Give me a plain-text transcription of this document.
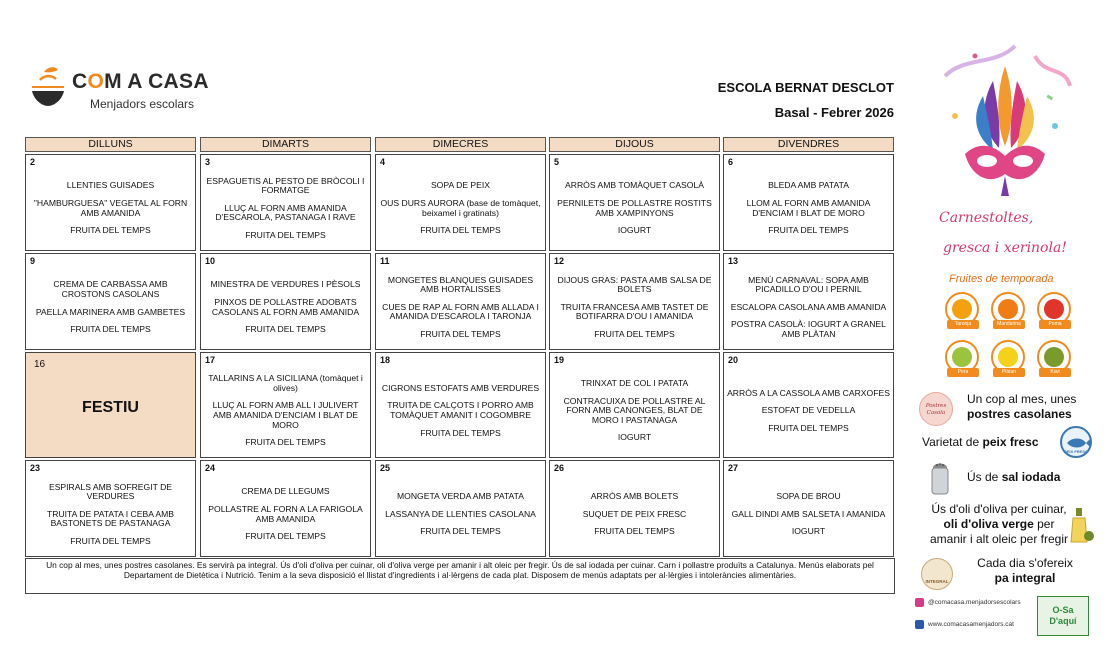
COM A CASA
Menjadors escolars
ESCOLA BERNAT DESCLOT
Basal - Febrer 2026
DILLUNS	DIMARTS	DIMECRES	DIJOUS	DIVENDRES
2
LLENTIES GUISADES
"HAMBURGUESA" VEGETAL AL FORN AMB AMANIDA
FRUITA DEL TEMPS
3
ESPAGUETIS AL PESTO DE BRÒCOLI I FORMATGE
LLUÇ AL FORN AMB AMANIDA D'ESCAROLA, PASTANAGA I RAVE
FRUITA DEL TEMPS
4
SOPA DE PEIX
OUS DURS AURORA (base de tomàquet, beixamel i gratinats)
FRUITA DEL TEMPS
5
ARRÒS AMB TOMÀQUET CASOLÀ
PERNILETS DE POLLASTRE ROSTITS AMB XAMPINYONS
IOGURT
6
BLEDA AMB PATATA
LLOM AL FORN AMB AMANIDA D'ENCIAM I BLAT DE MORO
FRUITA DEL TEMPS
9
CREMA DE CARBASSA AMB CROSTONS CASOLANS
PAELLA MARINERA AMB GAMBETES
FRUITA DEL TEMPS
10
MINESTRA DE VERDURES I PÈSOLS
PINXOS DE POLLASTRE ADOBATS CASOLANS AL FORN AMB AMANIDA
FRUITA DEL TEMPS
11
MONGETES BLANQUES GUISADES AMB HORTALISSES
CUES DE RAP AL FORN AMB ALLADA I AMANIDA D'ESCAROLA I TARONJA
FRUITA DEL TEMPS
12
DIJOUS GRAS: PASTA AMB SALSA DE BOLETS
TRUITA FRANCESA AMB TASTET DE BOTIFARRA D'OU I AMANIDA
FRUITA DEL TEMPS
13
MENÚ CARNAVAL: SOPA AMB PICADILLO D'OU I PERNIL
ESCALOPA CASOLANA AMB AMANIDA
POSTRA CASOLÀ: IOGURT A GRANEL AMB PLÀTAN
16
FESTIU
17
TALLARINS A LA SICILIANA (tomàquet i olives)
LLUÇ AL FORN AMB ALL I JULIVERT AMB AMANIDA D'ENCIAM I BLAT DE MORO
FRUITA DEL TEMPS
18
CIGRONS ESTOFATS AMB VERDURES
TRUITA DE CALÇOTS I PORRO AMB TOMÀQUET AMANIT I COGOMBRE
FRUITA DEL TEMPS
19
TRINXAT DE COL I PATATA
CONTRACUIXA DE POLLASTRE AL FORN AMB CANONGES, BLAT DE MORO I PASTANAGA
IOGURT
20
ARRÒS A LA CASSOLA AMB CARXOFES
ESTOFAT DE VEDELLA
FRUITA DEL TEMPS
23
ESPIRALS AMB SOFREGIT DE VERDURES
TRUITA DE PATATA I CEBA AMB BASTONETS DE PASTANAGA
FRUITA DEL TEMPS
24
CREMA DE LLEGUMS
POLLASTRE AL FORN A LA FARIGOLA AMB AMANIDA
FRUITA DEL TEMPS
25
MONGETA VERDA AMB PATATA
LASSANYA DE LLENTIES CASOLANA
FRUITA DEL TEMPS
26
ARRÒS AMB BOLETS
SUQUET DE PEIX FRESC
FRUITA DEL TEMPS
27
SOPA DE BROU
GALL DINDI AMB SALSETA I AMANIDA
IOGURT
Un cop al mes, unes postres casolanes. Es servirà pa integral. Ús d'oli d'oliva per cuinar, oli d'oliva verge per amanir i alt oleic per fregir. Ús de sal iodada per cuinar. Carn i pollastre produïts a Catalunya. Menús elaborats pel Departament de Dietètica i Nutrició. Tenim a la seva disposició el llistat d'ingredients i al·lèrgens de cada plat. Disposem de menús adaptats per al·lèrgies i intoleràncies alimentàries.
Carnestoltes,
gresca i xerinola!
Fruites de temporada
Taronja	Mandarina	Poma
Pera	Plàtan	Kiwi
Postres Casola
Un cop al mes, unes
postres casolanes
Varietat de peix fresc
PEIX FRESC
Ús de sal iodada
Ús d'oli d'oliva per cuinar,
oli d'oliva verge per
amanir i alt oleic per fregir
INTEGRAL
Cada dia s'ofereix
pa integral
@comacasa.menjadorsescolars
www.comacasamenjadors.cat
O-Sa D'aquí
